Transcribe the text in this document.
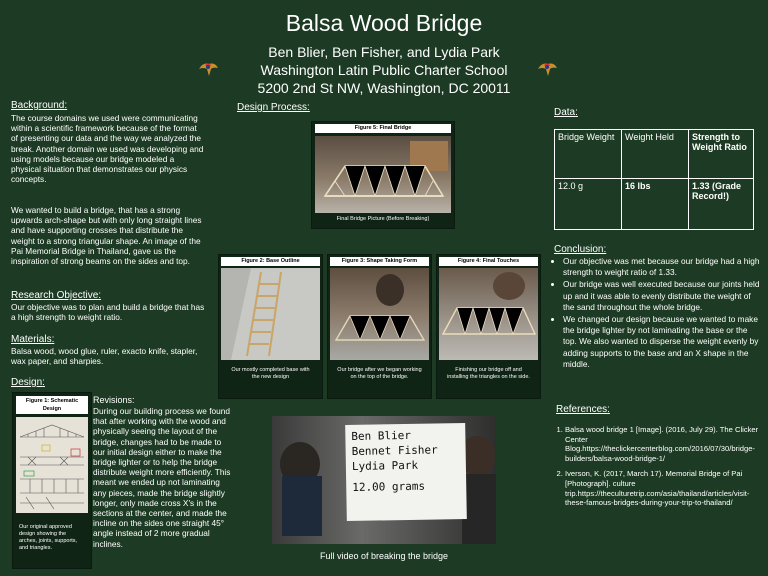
Balsa Wood Bridge
Ben Blier, Ben Fisher, and Lydia Park
Washington Latin Public Charter School
5200 2nd St NW, Washington, DC 20011
Background:
The course domains we used were communicating within a scientific framework because of the format of presenting our data and the way we analyzed the break. Another domain we used was developing and using models because our bridge modeled a physical situation that demonstrates our physics concepts.
We wanted to build a bridge, that has a strong upwards arch-shape but with only long straight lines and have supporting crosses that distribute the weight to a strong triangular shape. An image of the Pai Memorial Bridge in Thailand, gave us the inspiration of strong beams on the sides and top.
Research Objective:
Our objective was to plan and build a bridge that has a high strength to weight ratio.
Materials:
Balsa wood, wood glue, ruler, exacto knife, stapler, wax paper, and sharpies.
Design:
Figure 1: Schematic Design
Our original approved design showing the arches, joints, supports, and triangles.
Revisions:
During our building process we found that after working with the wood and physically seeing the layout of the bridge, changes had to be made to our initial design either to make the bridge lighter or to help the bridge distribute weight more efficiently. This meant we ended up not laminating any pieces, made the bridge slightly longer, only made cross X's in the sections at the center, and made the incline on the sides one straight 45° angle instead of 2 more gradual inclines.
Design Process:
Figure 5: Final Bridge
Final Bridge Picture (Before Breaking)
Figure 2: Base Outline
Our mostly completed base with the new design
Figure 3: Shape Taking Form
Our bridge after we began working on the top of the bridge.
Figure 4: Final Touches
Finishing our bridge off and installing the triangles on the side.
Ben Blier
Bennet Fisher
Lydia Park
12.00 grams
Full video of breaking the bridge
Data:
Bridge Weight	Weight Held	Strength to Weight Ratio
12.0 g	16 lbs	1.33 (Grade Record!)
Conclusion:
• Our objective was met because our bridge had a high strength to weight ratio of 1.33.
• Our bridge was well executed because our joints held up and it was able to evenly distribute the weight of the sand throughout the whole bridge.
• We changed our design because we wanted to make the bridge lighter by not laminating the base or the top. We also wanted to disperse the weight evenly by adding supports to the base and an X shape in the middle.
References:
1. Balsa wood bridge 1 [Image]. (2016, July 29). The Clicker Center Blog.https://theclickercenterblog.com/2016/07/30/bridge-builders/balsa-wood-bridge-1/
2. Iverson, K. (2017, March 17). Memorial Bridge of Pai [Photograph]. culture trip.https://theculturetrip.com/asia/thailand/articles/visit-these-famous-bridges-during-your-trip-to-thailand/
